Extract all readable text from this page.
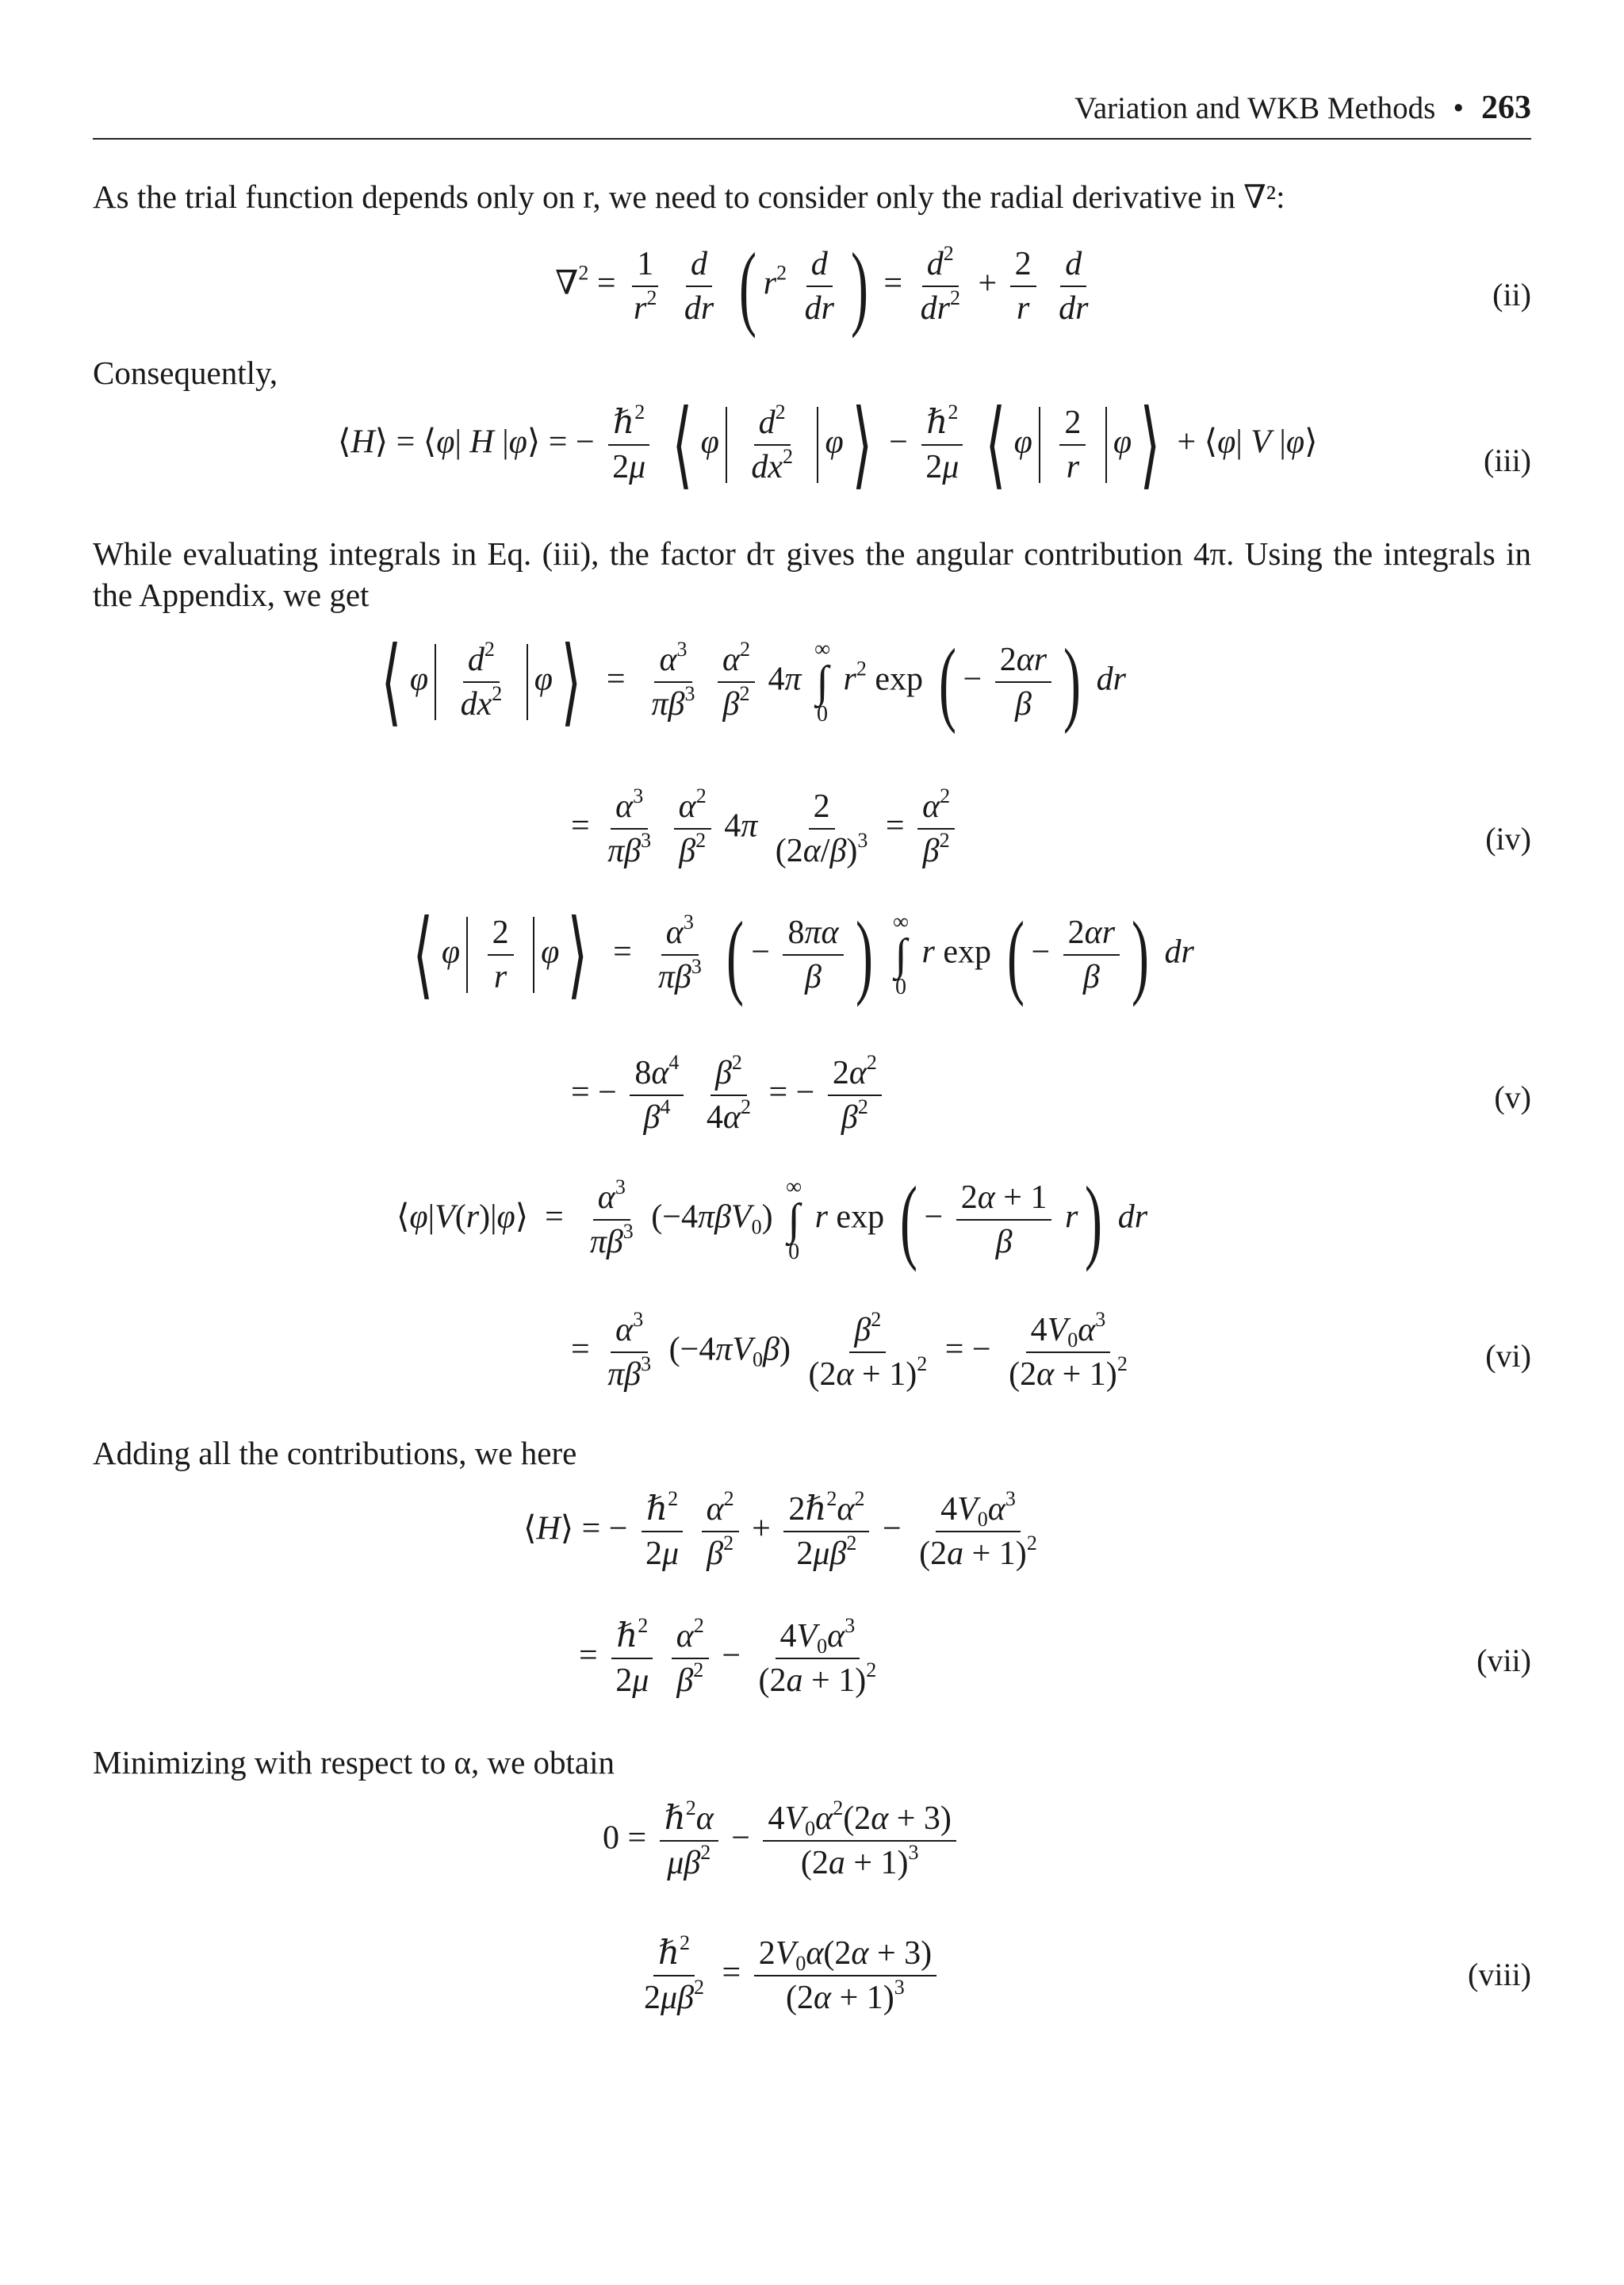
Variation and WKB Methods • 263
As the trial function depends only on r, we need to consider only the radial derivative in ∇²:
$\nabla^2 = \frac{1}{r^2}$
$\frac{d}{dr}$ ( $r^2 \frac{d}{dr}$ ) = $\frac{d^2}{dr^2} + \frac{2}{r}$
$\frac{d}{dr}$	(ii)
Consequently,
⟨H⟩ = ⟨φ| H |φ⟩ = − $\frac{\hbar^2}{2\mu}$ ⟨ φ $\frac{d^2}{dx^2}$ φ⟩ − $\frac{\hbar^2}{2\mu}$ ⟨ φ $\frac{2}{r}$ φ⟩ + ⟨φ| V |φ⟩	(iii)
While evaluating integrals in Eq. (iii), the factor dτ gives the angular contribution 4π. Using the integrals in the Appendix, we get
⟨ φ $\frac{d^2}{dx^2}$ φ⟩  = $\frac{\alpha^3}{\pi\beta^3}$
$\frac{\alpha^2}{\beta^2} 4\pi$
∞
∫
0
$r^2$ exp ( − $\frac{2\alpha r}{\beta}$ ) dr
= $\frac{\alpha^3}{\pi\beta^3}$
$\frac{\alpha^2}{\beta^2} 4\pi \frac{2}{(2\alpha/\beta)^3} = \frac{\alpha^2}{\beta^2}$	(iv)
⟨ φ $\frac{2}{r}$ φ⟩  = $\frac{\alpha^3}{\pi\beta^3}$ ( − $\frac{8\pi\alpha}{\beta}$ ) ∞
∫
0
r exp ( − $\frac{2\alpha r}{\beta}$ ) dr
= − $\frac{8\alpha^4}{\beta^4}$
$\frac{\beta^2}{4\alpha^2}$ = − $\frac{2\alpha^2}{\beta^2}$	(v)
⟨φ|V(r)|φ⟩  = $\frac{\alpha^3}{\pi\beta^3} (-4\pi\beta V_0)$
∞
∫
0
r exp ( − $\frac{2\alpha + 1}{\beta} r$) dr
= $\frac{\alpha^3}{\pi\beta^3} (-4\pi V_0\beta) \frac{\beta^2}{(2\alpha + 1)^2}$ = − $\frac{4V_0\alpha^3}{(2\alpha + 1)^2}$	(vi)
Adding all the contributions, we here
⟨H⟩ = − $\frac{\hbar^2}{2\mu}$
$\frac{\alpha^2}{\beta^2} + \frac{2\hbar^2\alpha^2}{2\mu\beta^2} - \frac{4V_0\alpha^3}{(2a + 1)^2}$
= $\frac{\hbar^2}{2\mu}$
$\frac{\alpha^2}{\beta^2} - \frac{4V_0\alpha^3}{(2a + 1)^2}$	(vii)
Minimizing with respect to α, we obtain
$0 = \frac{\hbar^2\alpha}{\mu\beta^2} - \frac{4V_0\alpha^2(2\alpha + 3)}{(2a + 1)^3}$
$\frac{\hbar^2}{2\mu\beta^2} = \frac{2V_0\alpha(2\alpha + 3)}{(2\alpha + 1)^3}$	(viii)
